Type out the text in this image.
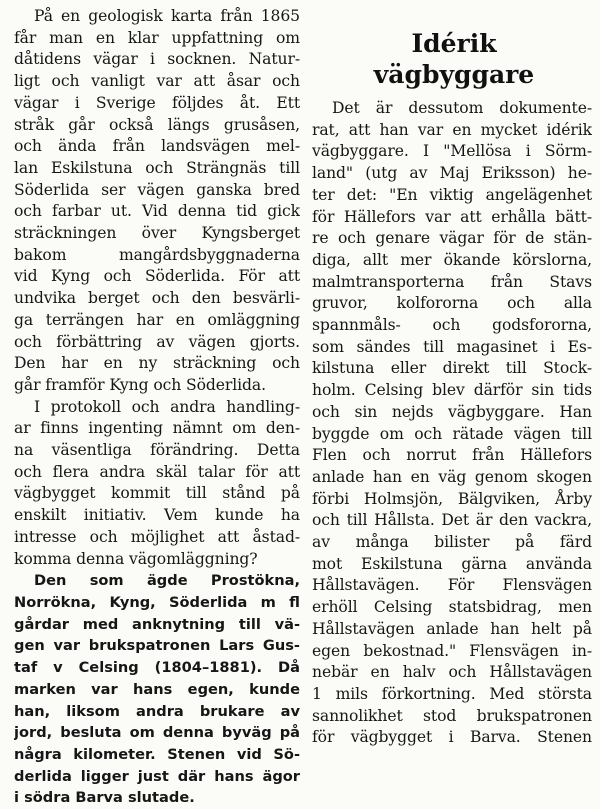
På en geologisk karta från 1865
får man en klar uppfattning om
dåtidens vägar i socknen. Natur-
ligt och vanligt var att åsar och
vägar i Sverige följdes åt. Ett
stråk går också längs grusåsen,
och ända från landsvägen mel-
lan Eskilstuna och Strängnäs till
Söderlida ser vägen ganska bred
och farbar ut. Vid denna tid gick
sträckningen över Kyngsberget
bakom mangårdsbyggnaderna
vid Kyng och Söderlida. För att
undvika berget och den besvärli-
ga terrängen har en omläggning
och förbättring av vägen gjorts.
Den har en ny sträckning och
går framför Kyng och Söderlida.
I protokoll och andra handling-
ar finns ingenting nämnt om den-
na väsentliga förändring. Detta
och flera andra skäl talar för att
vägbygget kommit till stånd på
enskilt initiativ. Vem kunde ha
intresse och möjlighet att åstad-
komma denna vägomläggning?
Den som ägde Prostökna,
Norrökna, Kyng, Söderlida m fl
gårdar med anknytning till vä-
gen var brukspatronen Lars Gus-
taf v Celsing (1804–1881). Då
marken var hans egen, kunde
han, liksom andra brukare av
jord, besluta om denna byväg på
några kilometer. Stenen vid Sö-
derlida ligger just där hans ägor
i södra Barva slutade.
Idérik
vägbyggare
Det är dessutom dokumente-
rat, att han var en mycket idérik
vägbyggare. I "Mellösa i Sörm-
land" (utg av Maj Eriksson) he-
ter det: "En viktig angelägenhet
för Hällefors var att erhålla bätt-
re och genare vägar för de stän-
diga, allt mer ökande körslorna,
malmtransporterna från Stavs
gruvor, kolfororna och alla
spannmåls- och godsfororna,
som sändes till magasinet i Es-
kilstuna eller direkt till Stock-
holm. Celsing blev därför sin tids
och sin nejds vägbyggare. Han
byggde om och rätade vägen till
Flen och norrut från Hällefors
anlade han en väg genom skogen
förbi Holmsjön, Bälgviken, Årby
och till Hållsta. Det är den vackra,
av många bilister på färd
mot Eskilstuna gärna använda
Hållstavägen. För Flensvägen
erhöll Celsing statsbidrag, men
Hållstavägen anlade han helt på
egen bekostnad." Flensvägen in-
nebär en halv och Hållstavägen
1 mils förkortning. Med största
sannolikhet stod brukspatronen
för vägbygget i Barva. Stenen
